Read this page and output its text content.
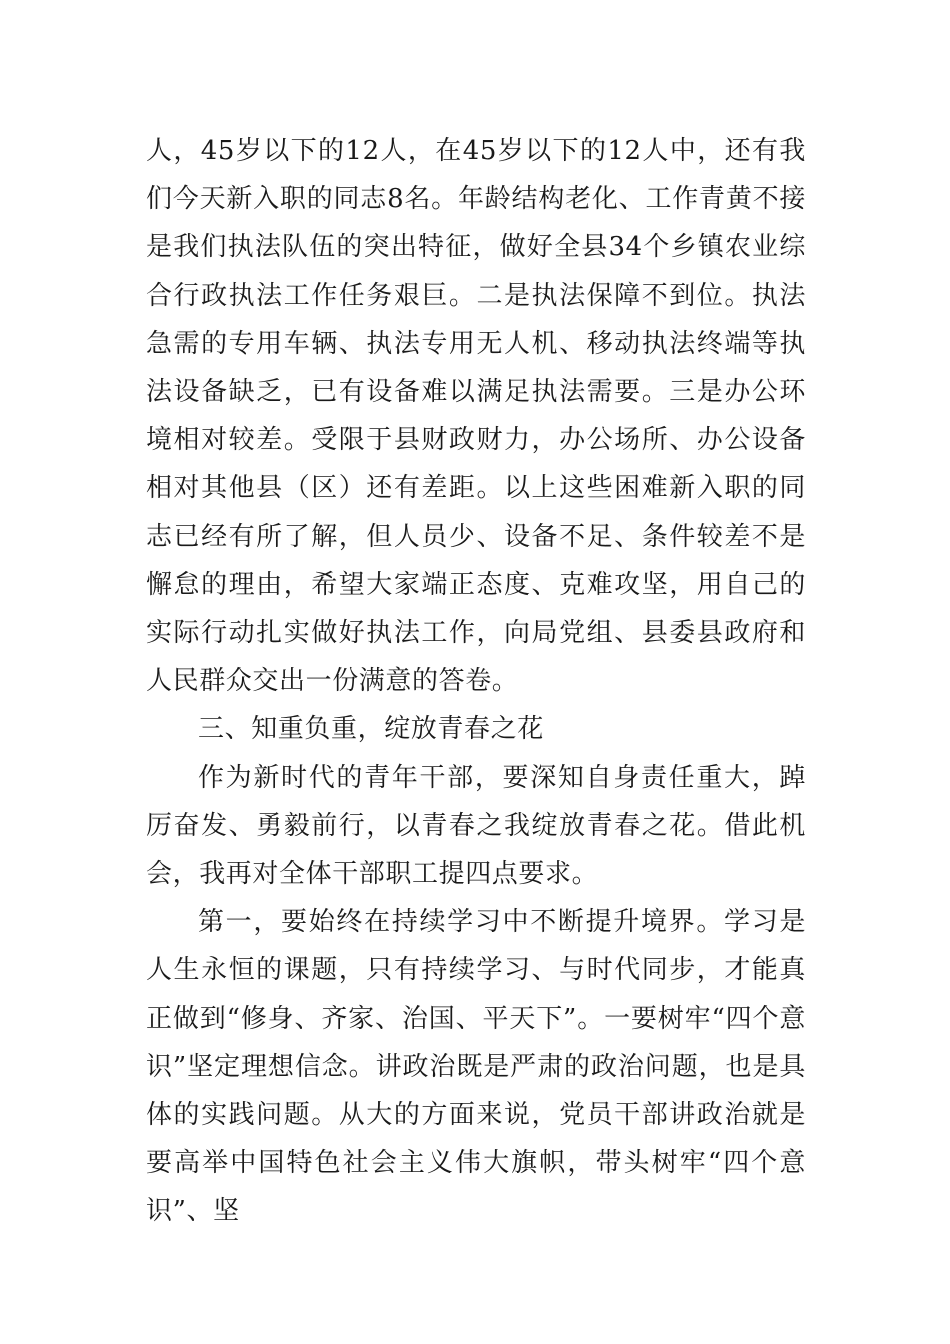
人，45岁以下的12人，在45岁以下的12人中，还有我们今天新入职的同志8名。年龄结构老化、工作青黄不接是我们执法队伍的突出特征，做好全县34个乡镇农业综合行政执法工作任务艰巨。二是执法保障不到位。执法急需的专用车辆、执法专用无人机、移动执法终端等执法设备缺乏，已有设备难以满足执法需要。三是办公环境相对较差。受限于县财政财力，办公场所、办公设备相对其他县（区）还有差距。以上这些困难新入职的同志已经有所了解，但人员少、设备不足、条件较差不是懈怠的理由，希望大家端正态度、克难攻坚，用自己的实际行动扎实做好执法工作，向局党组、县委县政府和人民群众交出一份满意的答卷。

三、知重负重，绽放青春之花

作为新时代的青年干部，要深知自身责任重大，踔厉奋发、勇毅前行，以青春之我绽放青春之花。借此机会，我再对全体干部职工提四点要求。

第一，要始终在持续学习中不断提升境界。学习是人生永恒的课题，只有持续学习、与时代同步，才能真正做到“修身、齐家、治国、平天下”。一要树牢“四个意识”坚定理想信念。讲政治既是严肃的政治问题，也是具体的实践问题。从大的方面来说，党员干部讲政治就是要高举中国特色社会主义伟大旗帜，带头树牢“四个意识”、坚
